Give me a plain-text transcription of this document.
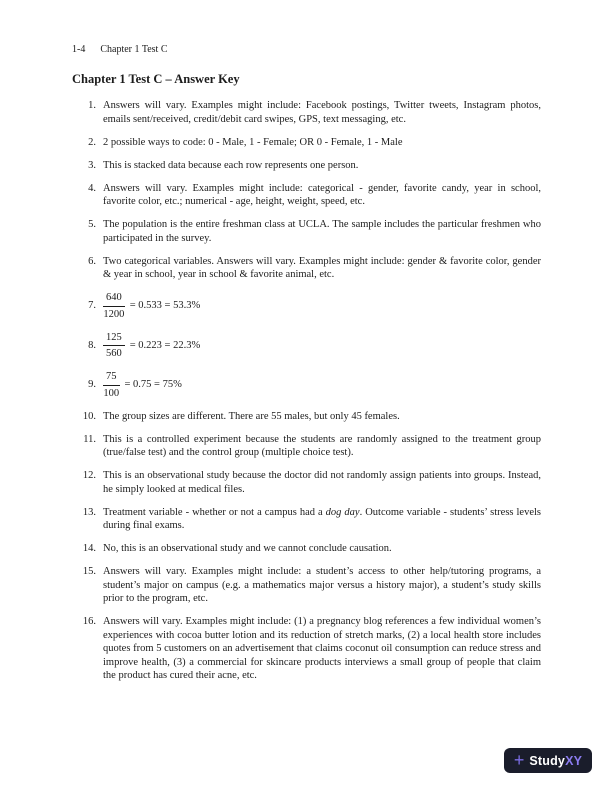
1-4 Chapter 1 Test C
Chapter 1 Test C – Answer Key
1. Answers will vary. Examples might include: Facebook postings, Twitter tweets, Instagram photos, emails sent/received, credit/debit card swipes, GPS, text messaging, etc.
2. 2 possible ways to code: 0 - Male, 1 - Female; OR 0 - Female, 1 - Male
3. This is stacked data because each row represents one person.
4. Answers will vary. Examples might include: categorical - gender, favorite candy, year in school, favorite color, etc.; numerical - age, height, weight, speed, etc.
5. The population is the entire freshman class at UCLA. The sample includes the particular freshmen who participated in the survey.
6. Two categorical variables. Answers will vary. Examples might include: gender & favorite color, gender & year in school, year in school & favorite animal, etc.
7. $\frac{640}{1200} = 0.533 = 53.3\%$
8. $\frac{125}{560} = 0.223 = 22.3\%$
9. $\frac{75}{100} = 0.75 = 75\%$
10. The group sizes are different. There are 55 males, but only 45 females.
11. This is a controlled experiment because the students are randomly assigned to the treatment group (true/false test) and the control group (multiple choice test).
12. This is an observational study because the doctor did not randomly assign patients into groups. Instead, he simply looked at medical files.
13. Treatment variable - whether or not a campus had a dog day. Outcome variable - students’ stress levels during final exams.
14. No, this is an observational study and we cannot conclude causation.
15. Answers will vary. Examples might include: a student’s access to other help/tutoring programs, a student’s major on campus (e.g. a mathematics major versus a history major), a student’s study skills prior to the program, etc.
16. Answers will vary. Examples might include: (1) a pregnancy blog references a few individual women’s experiences with cocoa butter lotion and its reduction of stretch marks, (2) a local health store includes quotes from 5 customers on an advertisement that claims coconut oil consumption can reduce stress and improve health, (3) a commercial for skincare products interviews a small group of people that claim the product has cured their acne, etc.
+ StudyXY
